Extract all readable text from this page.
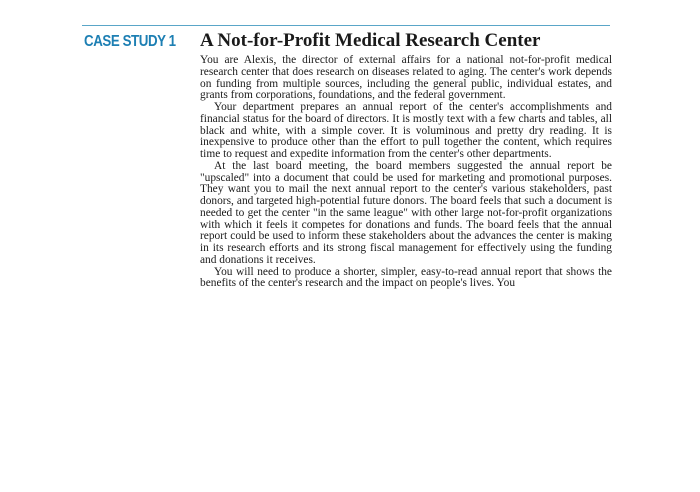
CASE STUDY 1 A Not-for-Profit Medical Research Center

You are Alexis, the director of external affairs for a national not-for-profit medical research center that does research on diseases related to aging. The center's work depends on funding from multiple sources, including the general public, individual estates, and grants from corporations, foundations, and the federal government.

Your department prepares an annual report of the center's accomplishments and financial status for the board of directors. It is mostly text with a few charts and tables, all black and white, with a simple cover. It is voluminous and pretty dry reading. It is inexpensive to produce other than the effort to pull together the content, which requires time to request and expedite information from the center's other departments.

At the last board meeting, the board members suggested the annual report be "upscaled" into a document that could be used for marketing and promotional purposes. They want you to mail the next annual report to the center's various stakeholders, past donors, and targeted high-potential future donors. The board feels that such a document is needed to get the center "in the same league" with other large not-for-profit organizations with which it feels it competes for donations and funds. The board feels that the annual report could be used to inform these stakeholders about the advances the center is making in its research efforts and its strong fiscal management for effectively using the funding and donations it receives.

You will need to produce a shorter, simpler, easy-to-read annual report that shows the benefits of the center's research and the impact on people's lives. You
